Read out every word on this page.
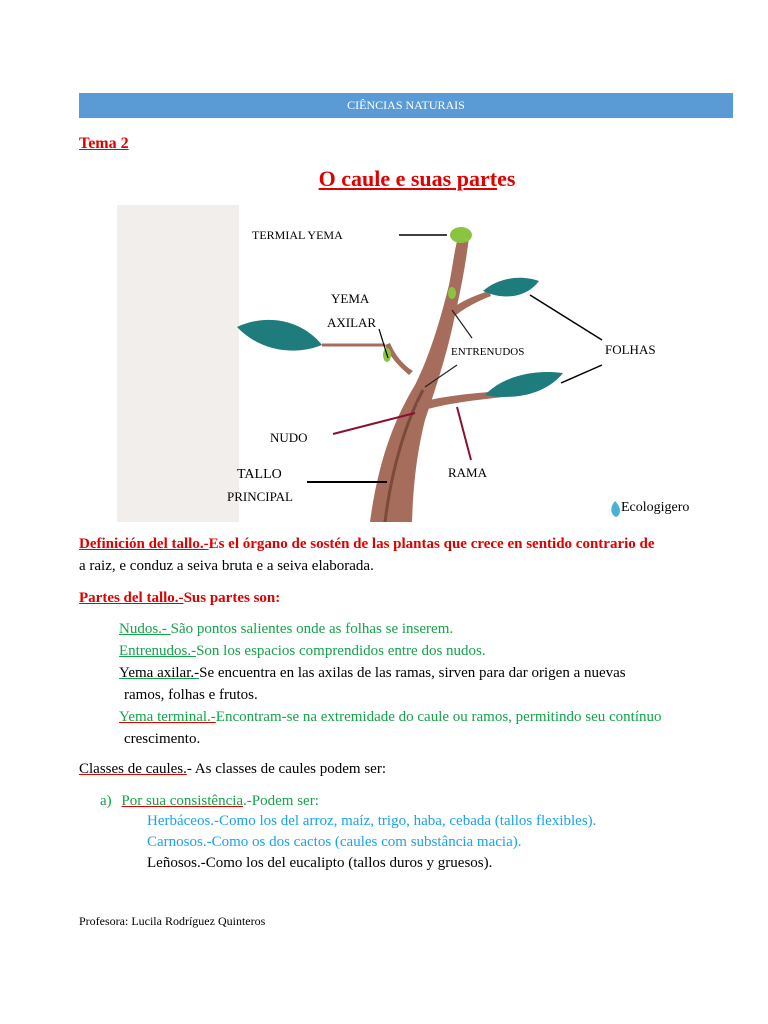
CIÊNCIAS NATURAIS
Tema 2
O caule e suas partes
TERMIAL YEMA
YEMA
AXILAR
ENTRENUDOS	FOLHAS
NUDO
TALLO
PRINCIPAL
RAMA
Ecologigero
Definición del tallo.-Es el órgano de sostén de las plantas que crece en sentido contrario de
a raiz, e conduz a seiva bruta e a seiva elaborada.
Partes del tallo.-Sus partes son:
Nudos.- São pontos salientes onde as folhas se inserem.
Entrenudos.-Son los espacios comprendidos entre dos nudos.
Yema axilar.-Se encuentra en las axilas de las ramas, sirven para dar origen a nuevas
ramos, folhas e frutos.
Yema terminal.-Encontram-se na extremidade do caule ou ramos, permitindo seu contínuo
crescimento.
Classes de caules.- As classes de caules podem ser:
a) Por sua consistência.-Podem ser:
Herbáceos.-Como los del arroz, maíz, trigo, haba, cebada (tallos flexibles).
Carnosos.-Como os dos cactos (caules com substância macia).
Leñosos.-Como los del eucalipto (tallos duros y gruesos).
Profesora: Lucila Rodríguez Quinteros
